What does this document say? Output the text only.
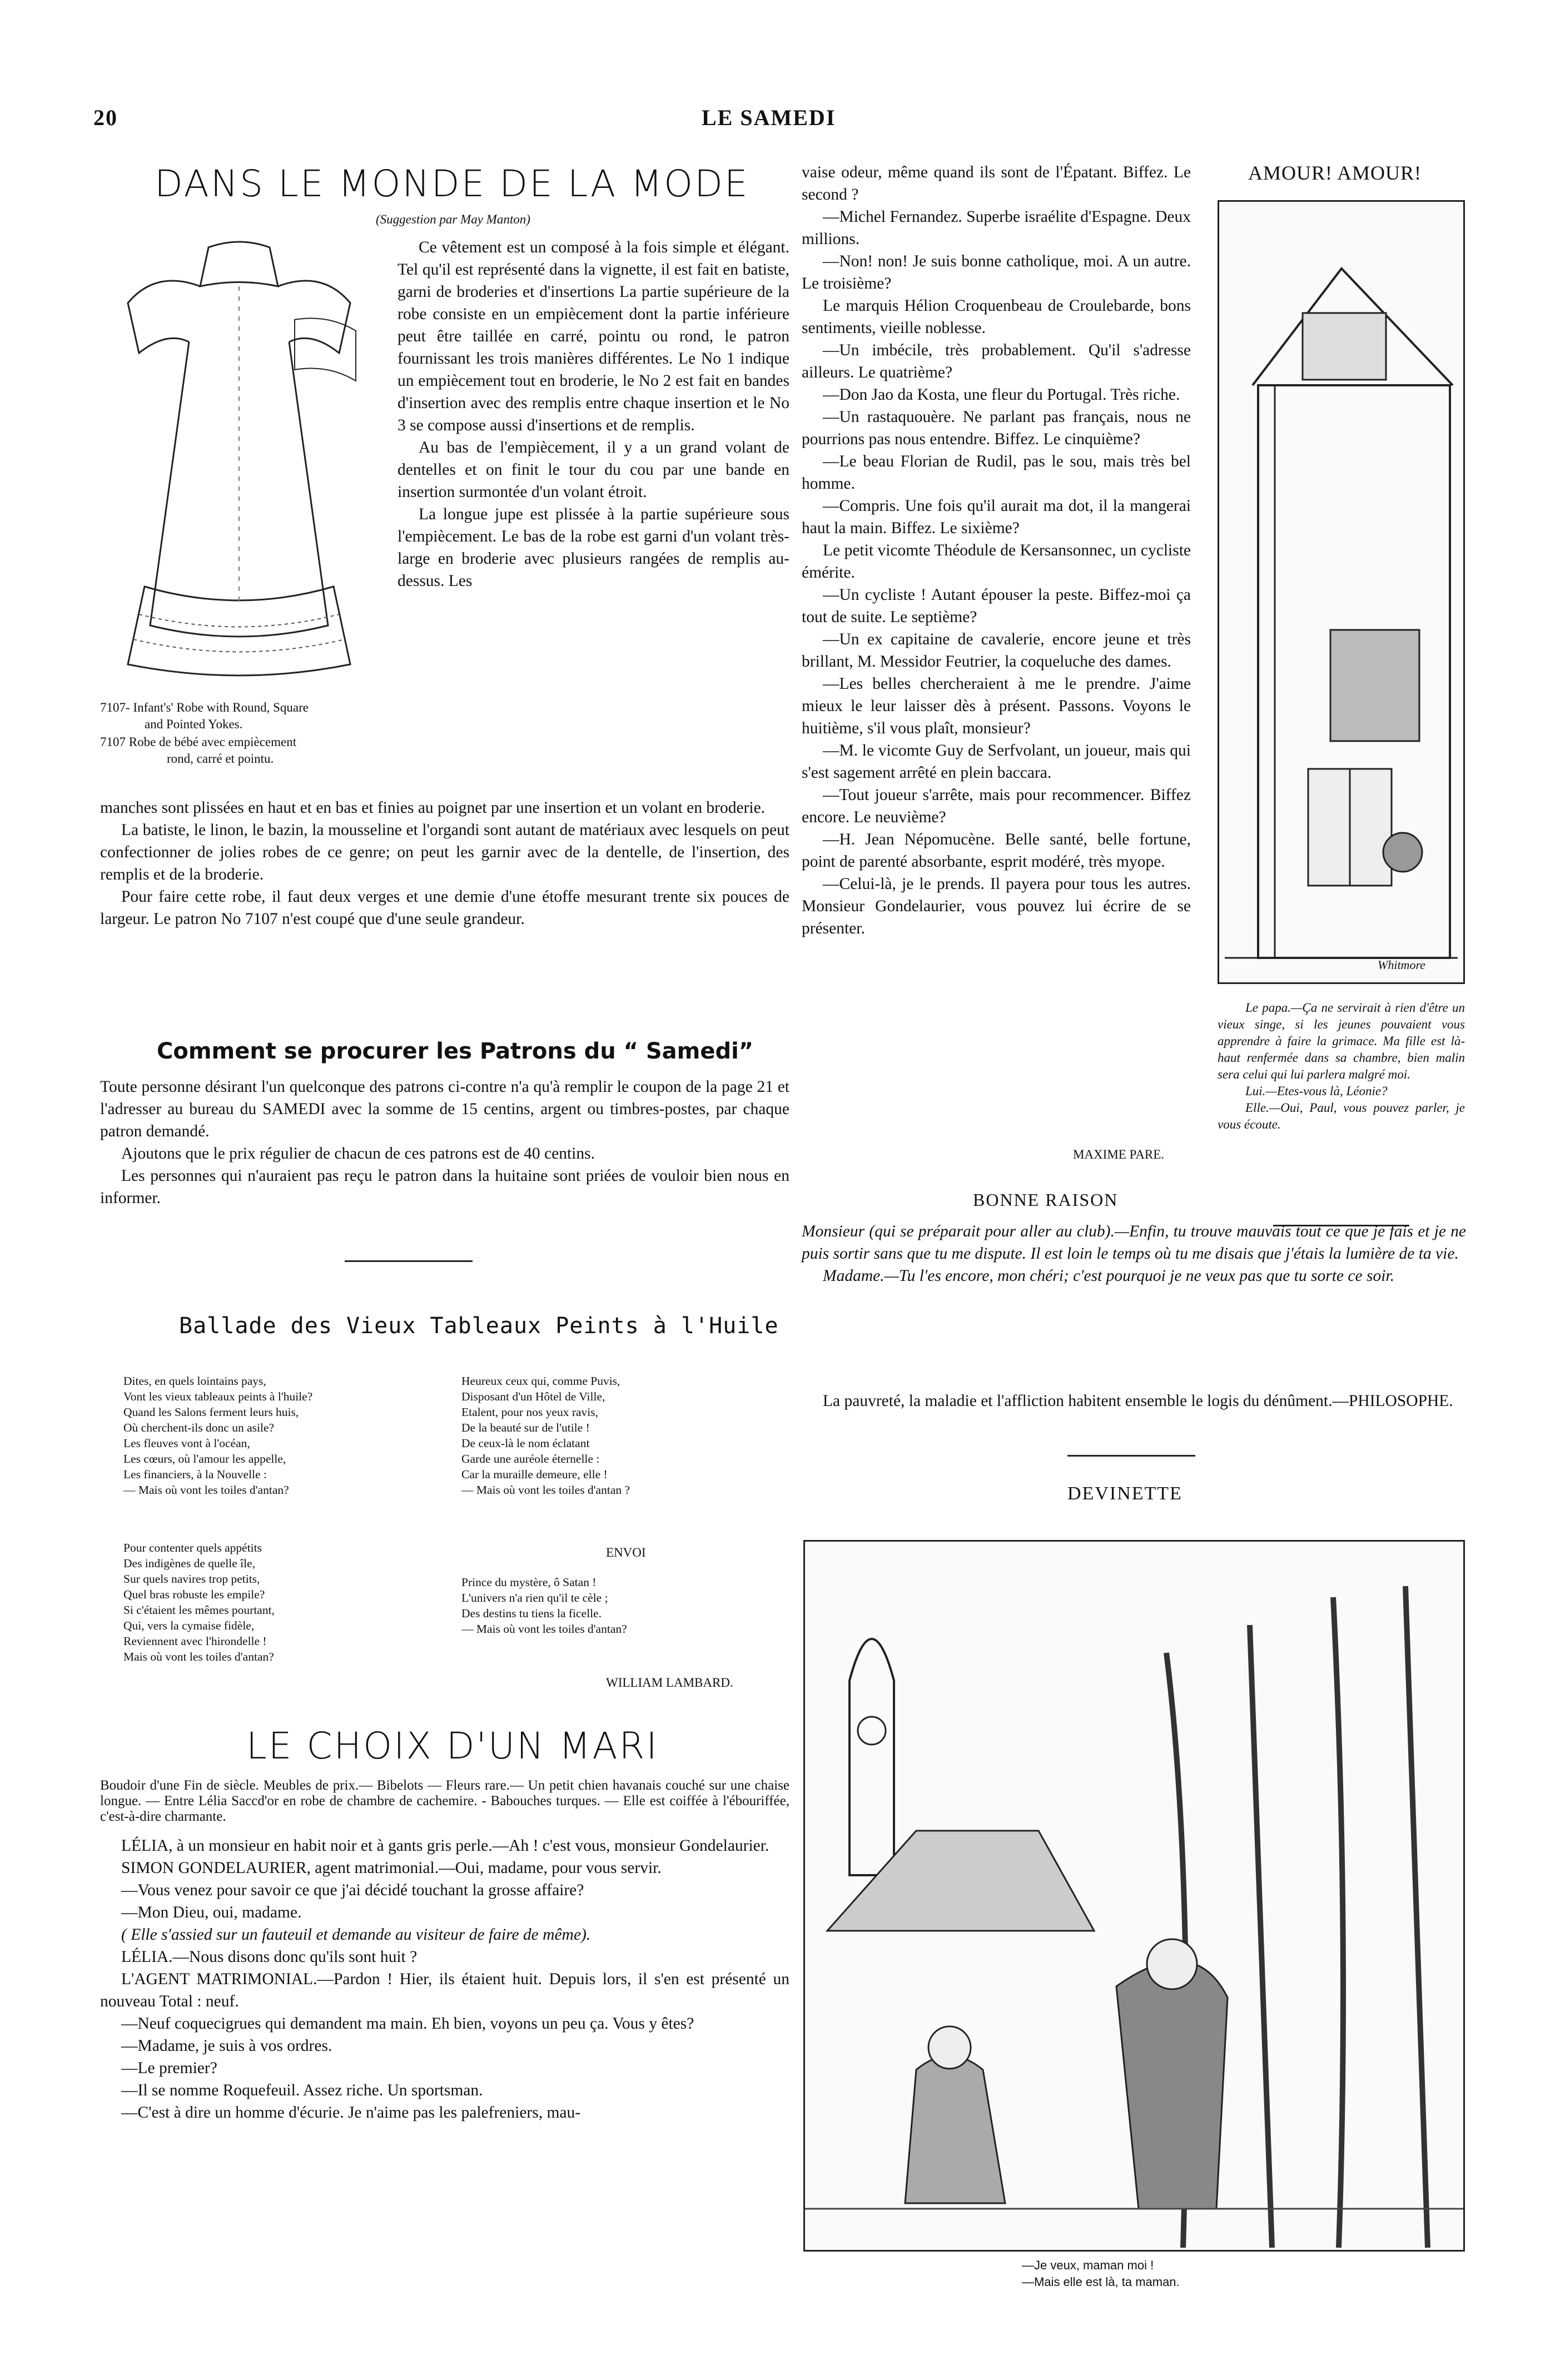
20	LE SAMEDI
DANS LE MONDE DE LA MODE
(Suggestion par May Manton)
7107- Infant's' Robe with Round, Square
and Pointed Yokes.
7107 Robe de bébé avec empiècement
rond, carré et pointu.

Ce vêtement est un composé à la fois simple et élégant. Tel qu'il est représenté dans la vignette, il est fait en batiste, garni de broderies et d'insertions La partie supérieure de la robe consiste en un empiècement dont la partie inférieure peut être taillée en carré, pointu ou rond, le patron fournissant les trois manières différentes. Le No 1 indique un empiècement tout en broderie, le No 2 est fait en bandes d'insertion avec des remplis entre chaque insertion et le No 3 se compose aussi d'insertions et de remplis.

Au bas de l'empiècement, il y a un grand volant de dentelles et on finit le tour du cou par une bande en insertion surmontée d'un volant étroit.

La longue jupe est plissée à la partie supérieure sous l'empiècement. Le bas de la robe est garni d'un volant très-large en broderie avec plusieurs rangées de remplis au-dessus. Les

manches sont plissées en haut et en bas et finies au poignet par une insertion et un volant en broderie.

La batiste, le linon, le bazin, la mousseline et l'organdi sont autant de matériaux avec lesquels on peut confectionner de jolies robes de ce genre; on peut les garnir avec de la dentelle, de l'insertion, des remplis et de la broderie.

Pour faire cette robe, il faut deux verges et une demie d'une étoffe mesurant trente six pouces de largeur. Le patron No 7107 n'est coupé que d'une seule grandeur.

Comment se procurer les Patrons du “ Samedi”

Toute personne désirant l'un quelconque des patrons ci-contre n'a qu'à remplir le coupon de la page 21 et l'adresser au bureau du SAMEDI avec la somme de 15 centins, argent ou timbres-postes, par chaque patron demandé.

Ajoutons que le prix régulier de chacun de ces patrons est de 40 centins.

Les personnes qui n'auraient pas reçu le patron dans la huitaine sont priées de vouloir bien nous en informer.

Ballade des Vieux Tableaux Peints à l'Huile
Dites, en quels lointains pays,
Vont les vieux tableaux peints à l'huile?
Quand les Salons ferment leurs huis,
Où cherchent-ils donc un asile?
Les fleuves vont à l'océan,
Les cœurs, où l'amour les appelle,
Les financiers, à la Nouvelle :
— Mais où vont les toiles d'antan?
Heureux ceux qui, comme Puvis,
Disposant d'un Hôtel de Ville,
Etalent, pour nos yeux ravis,
De la beauté sur de l'utile !
De ceux-là le nom éclatant
Garde une auréole éternelle :
Car la muraille demeure, elle !
— Mais où vont les toiles d'antan ?
Pour contenter quels appétits
Des indigènes de quelle île,
Sur quels navires trop petits,
Quel bras robuste les empile?
Si c'étaient les mêmes pourtant,
Qui, vers la cymaise fidèle,
Reviennent avec l'hirondelle !
Mais où vont les toiles d'antan?
ENVOI
Prince du mystère, ô Satan !
L'univers n'a rien qu'il te cèle ;
Des destins tu tiens la ficelle.
— Mais où vont les toiles d'antan?
WILLIAM LAMBARD.
LE CHOIX D'UN MARI

Boudoir d'une Fin de siècle. Meubles de prix.— Bibelots — Fleurs rare.— Un petit chien havanais couché sur une chaise longue. — Entre Lélia Saccd'or en robe de chambre de cachemire. - Babouches turques. — Elle est coiffée à l'ébouriffée, c'est-à-dire charmante.

LÉLIA, à un monsieur en habit noir et à gants gris perle.—Ah ! c'est vous, monsieur Gondelaurier.

SIMON GONDELAURIER, agent matrimonial.—Oui, madame, pour vous servir.

—Vous venez pour savoir ce que j'ai décidé touchant la grosse affaire?

—Mon Dieu, oui, madame.

( Elle s'assied sur un fauteuil et demande au visiteur de faire de même).

LÉLIA.—Nous disons donc qu'ils sont huit ?

L'AGENT MATRIMONIAL.—Pardon ! Hier, ils étaient huit. Depuis lors, il s'en est présenté un nouveau Total : neuf.

—Neuf coquecigrues qui demandent ma main. Eh bien, voyons un peu ça. Vous y êtes?

—Madame, je suis à vos ordres.

—Le premier?

—Il se nomme Roquefeuil. Assez riche. Un sportsman.

—C'est à dire un homme d'écurie. Je n'aime pas les palefreniers, mau-

vaise odeur, même quand ils sont de l'Épatant. Biffez. Le second ?

—Michel Fernandez. Superbe israélite d'Espagne. Deux millions.

—Non! non! Je suis bonne catholique, moi. A un autre. Le troisième?

Le marquis Hélion Croquenbeau de Croulebarde, bons sentiments, vieille noblesse.

—Un imbécile, très probablement. Qu'il s'adresse ailleurs. Le quatrième?

—Don Jao da Kosta, une fleur du Portugal. Très riche.

—Un rastaquouère. Ne parlant pas français, nous ne pourrions pas nous entendre. Biffez. Le cinquième?

—Le beau Florian de Rudil, pas le sou, mais très bel homme.

—Compris. Une fois qu'il aurait ma dot, il la mangerai haut la main. Biffez. Le sixième?

Le petit vicomte Théodule de Kersansonnec, un cycliste émérite.

—Un cycliste ! Autant épouser la peste. Biffez-moi ça tout de suite. Le septième?

—Un ex capitaine de cavalerie, encore jeune et très brillant, M. Messidor Feutrier, la coqueluche des dames.

—Les belles chercheraient à me le prendre. J'aime mieux le leur laisser dès à présent. Passons. Voyons le huitième, s'il vous plaît, monsieur?

—M. le vicomte Guy de Serfvolant, un joueur, mais qui s'est sagement arrêté en plein baccara.

—Tout joueur s'arrête, mais pour recommencer. Biffez encore. Le neuvième?

—H. Jean Népomucène. Belle santé, belle fortune, point de parenté absorbante, esprit modéré, très myope.

—Celui-là, je le prends. Il payera pour tous les autres. Monsieur Gondelaurier, vous pouvez lui écrire de se présenter.

MAXIME PARE.
AMOUR! AMOUR!
Whitmore

Le papa.—Ça ne servirait à rien d'être un vieux singe, si les jeunes pouvaient vous apprendre à faire la grimace. Ma fille est là-haut renfermée dans sa chambre, bien malin sera celui qui lui parlera malgré moi.

Lui.—Etes-vous là, Léonie?

Elle.—Oui, Paul, vous pouvez parler, je vous écoute.

BONNE RAISON

Monsieur (qui se préparait pour aller au club).—Enfin, tu trouve mauvais tout ce que je fais et je ne puis sortir sans que tu me dispute. Il est loin le temps où tu me disais que j'étais la lumière de ta vie.

Madame.—Tu l'es encore, mon chéri; c'est pourquoi je ne veux pas que tu sorte ce soir.

La pauvreté, la maladie et l'affliction habitent ensemble le logis du dénûment.—PHILOSOPHE.

DEVINETTE
—Je veux, maman moi !
—Mais elle est là, ta maman.
